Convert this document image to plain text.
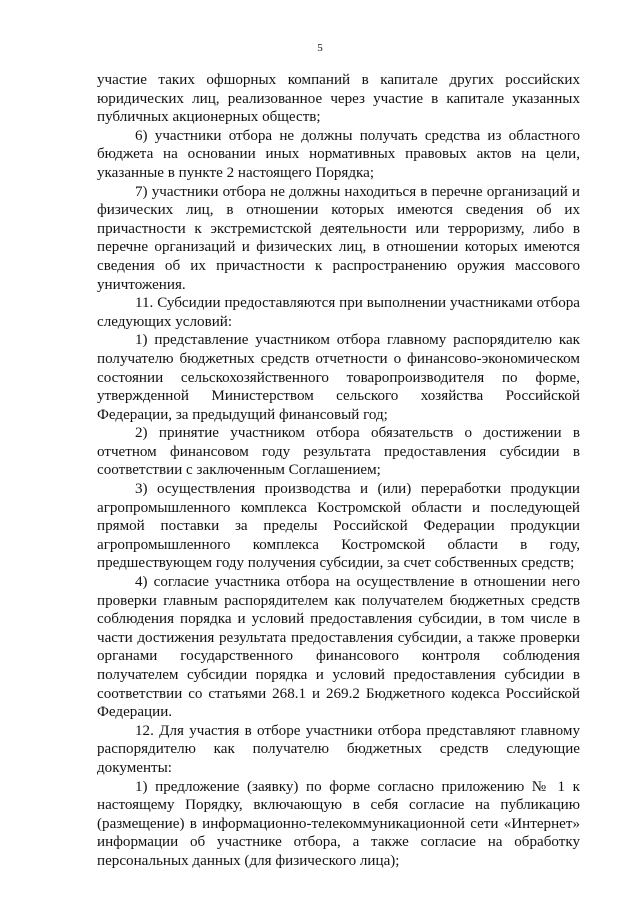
5

участие таких офшорных компаний в капитале других российских юридических лиц, реализованное через участие в капитале указанных публичных акционерных обществ;

6) участники отбора не должны получать средства из областного бюджета на основании иных нормативных правовых актов на цели, указанные в пункте 2 настоящего Порядка;

7) участники отбора не должны находиться в перечне организаций и физических лиц, в отношении которых имеются сведения об их причастности к экстремистской деятельности или терроризму, либо в перечне организаций и физических лиц, в отношении которых имеются сведения об их причастности к распространению оружия массового уничтожения.

11. Субсидии предоставляются при выполнении участниками отбора следующих условий:

1) представление участником отбора главному распорядителю как получателю бюджетных средств отчетности о финансово-экономическом состоянии сельскохозяйственного товаропроизводителя по форме, утвержденной Министерством сельского хозяйства Российской Федерации, за предыдущий финансовый год;

2) принятие участником отбора обязательств о достижении в отчетном финансовом году результата предоставления субсидии в соответствии с заключенным Соглашением;

3) осуществления производства и (или) переработки продукции агропромышленного комплекса Костромской области и последующей прямой поставки за пределы Российской Федерации продукции агропромышленного комплекса Костромской области в году, предшествующем году получения субсидии, за счет собственных средств;

4) согласие участника отбора на осуществление в отношении него проверки главным распорядителем как получателем бюджетных средств соблюдения порядка и условий предоставления субсидии, в том числе в части достижения результата предоставления субсидии, а также проверки органами государственного финансового контроля соблюдения получателем субсидии порядка и условий предоставления субсидии в соответствии со статьями 268.1 и 269.2 Бюджетного кодекса Российской Федерации.

12. Для участия в отборе участники отбора представляют главному распорядителю как получателю бюджетных средств следующие документы:

1) предложение (заявку) по форме согласно приложению № 1 к настоящему Порядку, включающую в себя согласие на публикацию (размещение) в информационно-телекоммуникационной сети «Интернет» информации об участнике отбора, а также согласие на обработку персональных данных (для физического лица);
